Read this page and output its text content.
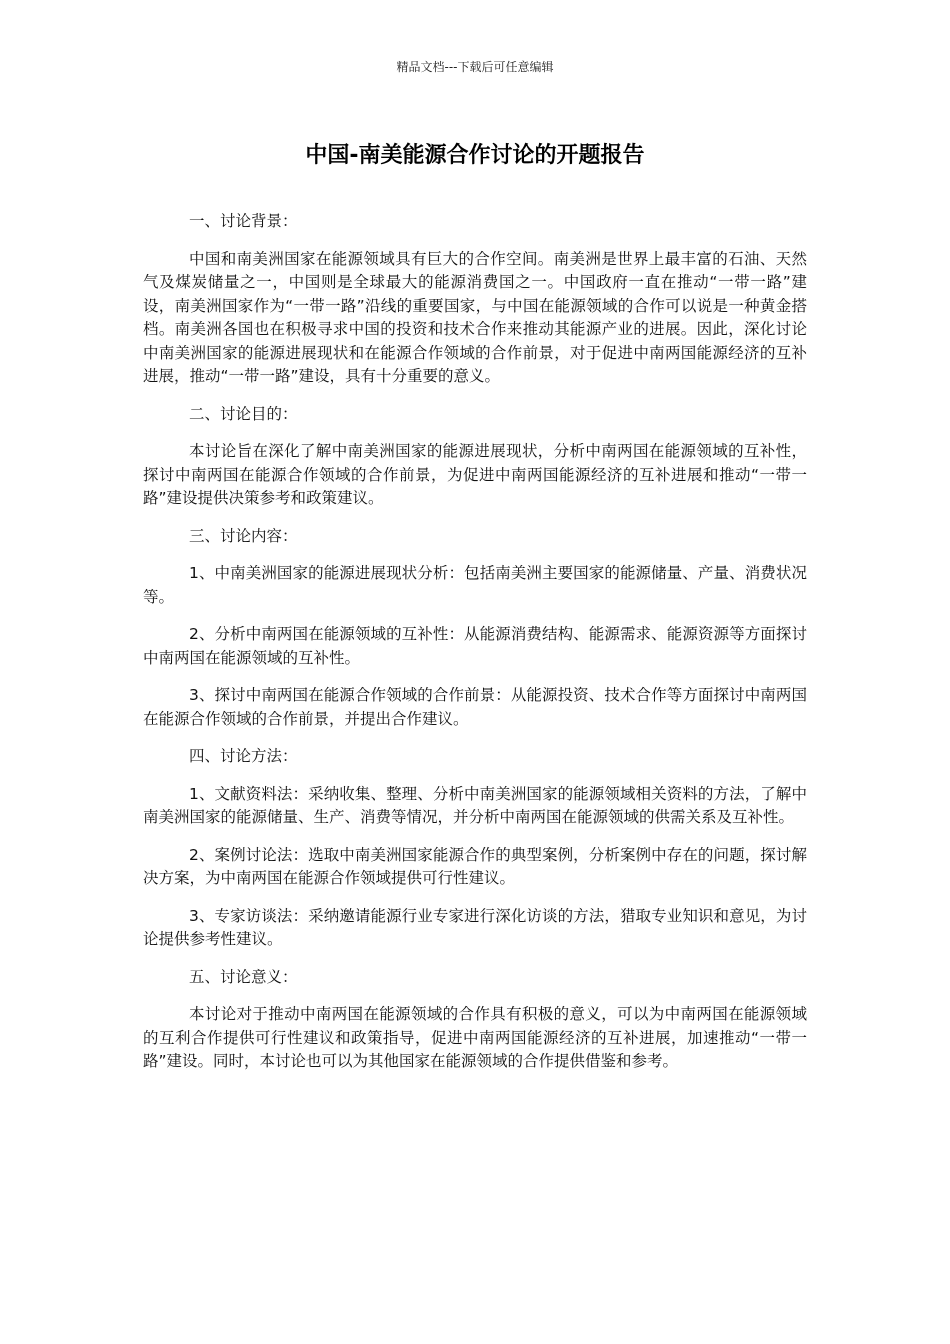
精品文档---下载后可任意编辑
中国-南美能源合作讨论的开题报告

一、讨论背景：

中国和南美洲国家在能源领域具有巨大的合作空间。南美洲是世界上最丰富的石油、天然气及煤炭储量之一，中国则是全球最大的能源消费国之一。中国政府一直在推动“一带一路”建设，南美洲国家作为“一带一路”沿线的重要国家，与中国在能源领域的合作可以说是一种黄金搭档。南美洲各国也在积极寻求中国的投资和技术合作来推动其能源产业的进展。因此，深化讨论中南美洲国家的能源进展现状和在能源合作领域的合作前景，对于促进中南两国能源经济的互补进展，推动“一带一路”建设，具有十分重要的意义。

二、讨论目的：

本讨论旨在深化了解中南美洲国家的能源进展现状，分析中南两国在能源领域的互补性，探讨中南两国在能源合作领域的合作前景，为促进中南两国能源经济的互补进展和推动“一带一路”建设提供决策参考和政策建议。

三、讨论内容：

1、中南美洲国家的能源进展现状分析：包括南美洲主要国家的能源储量、产量、消费状况等。

2、分析中南两国在能源领域的互补性：从能源消费结构、能源需求、能源资源等方面探讨中南两国在能源领域的互补性。

3、探讨中南两国在能源合作领域的合作前景：从能源投资、技术合作等方面探讨中南两国在能源合作领域的合作前景，并提出合作建议。

四、讨论方法：

1、文献资料法：采纳收集、整理、分析中南美洲国家的能源领域相关资料的方法，了解中南美洲国家的能源储量、生产、消费等情况，并分析中南两国在能源领域的供需关系及互补性。

2、案例讨论法：选取中南美洲国家能源合作的典型案例，分析案例中存在的问题，探讨解决方案，为中南两国在能源合作领域提供可行性建议。

3、专家访谈法：采纳邀请能源行业专家进行深化访谈的方法，猎取专业知识和意见，为讨论提供参考性建议。

五、讨论意义：

本讨论对于推动中南两国在能源领域的合作具有积极的意义，可以为中南两国在能源领域的互利合作提供可行性建议和政策指导，促进中南两国能源经济的互补进展，加速推动“一带一路”建设。同时，本讨论也可以为其他国家在能源领域的合作提供借鉴和参考。
